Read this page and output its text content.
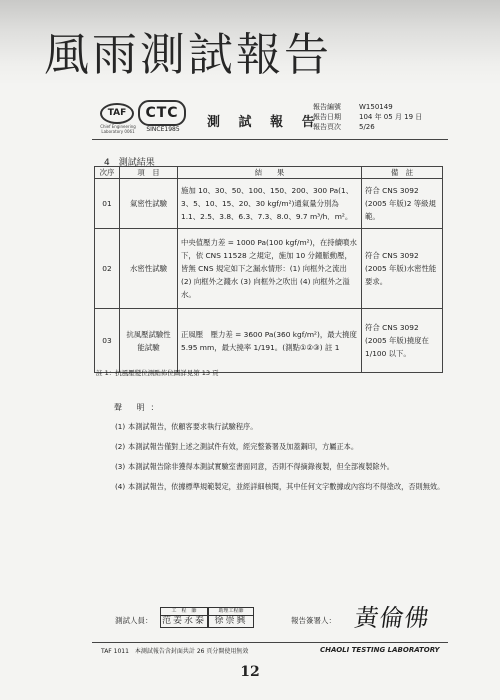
風雨測試報告
TAF
Chief Engineering Laboratory 0061
CTC
SINCE1985	測 試 報 告
報告編號	W150149
報告日期	104 年 05 月 19 日
報告頁次	5/26
4　測試結果
次序	項　目	結　　果	備　註
01	氣密性試驗	施加 10、30、50、100、150、200、300 Pa(1、3、5、10、15、20、30 kgf/m²)通氣量分別為 1.1、2.5、3.8、6.3、7.3、8.0、9.7 m³/h．m²。	符合 CNS 3092 (2005 年版)2 等級規範。
02	水密性試驗	中央值壓力差 = 1000 Pa(100 kgf/m²)，在持續噴水下，依 CNS 11528 之規定，施加 10 分鐘脈動壓，皆無 CNS 規定如下之漏水情形：(1) 向框外之流出 (2) 向框外之濺水 (3) 向框外之吹出 (4) 向框外之溢水。	符合 CNS 3092 (2005 年版)水密性能要求。
03	抗風壓試驗性能試驗	正風壓　壓力差 = 3600 Pa(360 kgf/m²)，最大撓度 5.95 mm，最大撓率 1/191。(測點①②③) 註 1	符合 CNS 3092 (2005 年版)撓度在 1/100 以下。
註 1：抗風壓變位測點佈位圖詳見第 13 頁
聲 明：
(1) 本測試報告，依顧客要求執行試驗程序。
(2) 本測試報告僅對上述之測試件有效，經完整簽署及加蓋鋼印，方屬正本。
(3) 本測試報告除非獲得本測試實驗室書面同意，否則不得摘錄複製，但全部複製除外。
(4) 本測試報告，依據標準規範製定，並經詳細核閱，其中任何文字數據或內容均不得塗改，否則無效。
測試人員：
工　程　師
范姜永泰
助理工程師
徐崇興	報告簽署人： 黃倫佛
TAF 1011　本測試報告含封面共計 26 頁分開使用無效	CHAOLI TESTING LABORATORY
12
